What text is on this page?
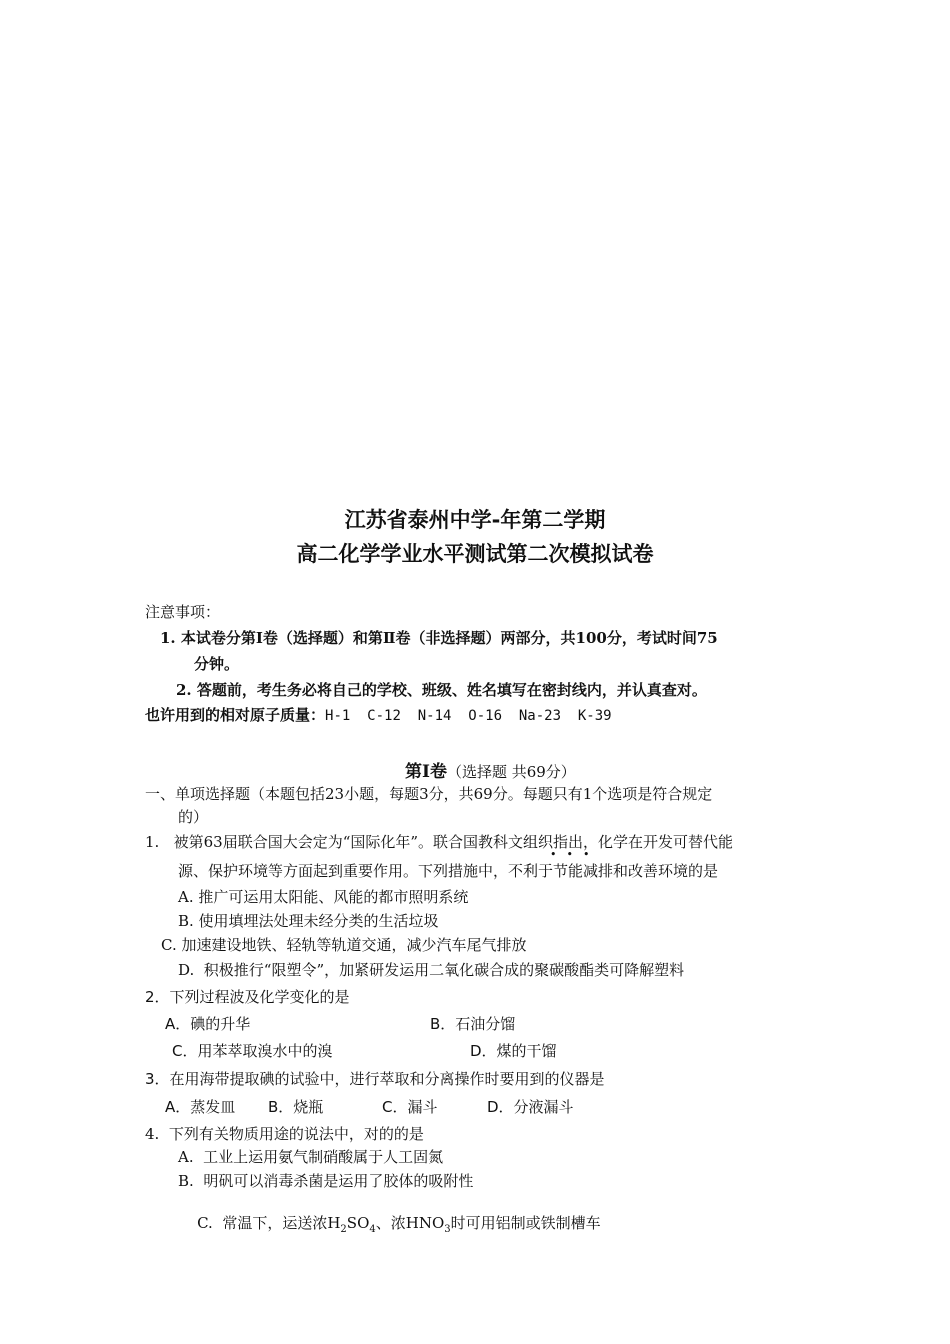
江苏省泰州中学-年第二学期
高二化学学业水平测试第二次模拟试卷
注意事项：
1. 本试卷分第Ⅰ卷（选择题）和第Ⅱ卷（非选择题）两部分，共100分，考试时间75
分钟。
2. 答题前，考生务必将自己的学校、班级、姓名填写在密封线内，并认真查对。
也许用到的相对原子质量：H-1  C-12  N-14  O-16  Na-23  K-39
第Ⅰ卷（选择题 共69分）
一、单项选择题（本题包括23小题，每题3分，共69分。每题只有1个选项是符合规定
的）
1.   被第63届联合国大会定为“国际化年”。联合国教科文组织指出，化学在开发可替代能
•••
源、保护环境等方面起到重要作用。下列措施中，不利于节能减排和改善环境的是
A. 推广可运用太阳能、风能的都市照明系统
B. 使用填埋法处理未经分类的生活垃圾
C. 加速建设地铁、轻轨等轨道交通，减少汽车尾气排放
D.  积极推行“限塑令”，加紧研发运用二氧化碳合成的聚碳酸酯类可降解塑料
2．下列过程波及化学变化的是
A．碘的升华	B．石油分馏
C．用苯萃取溴水中的溴	D．煤的干馏
3．在用海带提取碘的试验中，进行萃取和分离操作时要用到的仪器是
A．蒸发皿 B．烧瓶	C．漏斗	D．分液漏斗
4.  下列有关物质用途的说法中，对的的是
A.  工业上运用氨气制硝酸属于人工固氮
B.  明矾可以消毒杀菌是运用了胶体的吸附性

C.  常温下，运送浓$H_2SO_4$、浓$HNO_3$时可用铝制或铁制槽车
